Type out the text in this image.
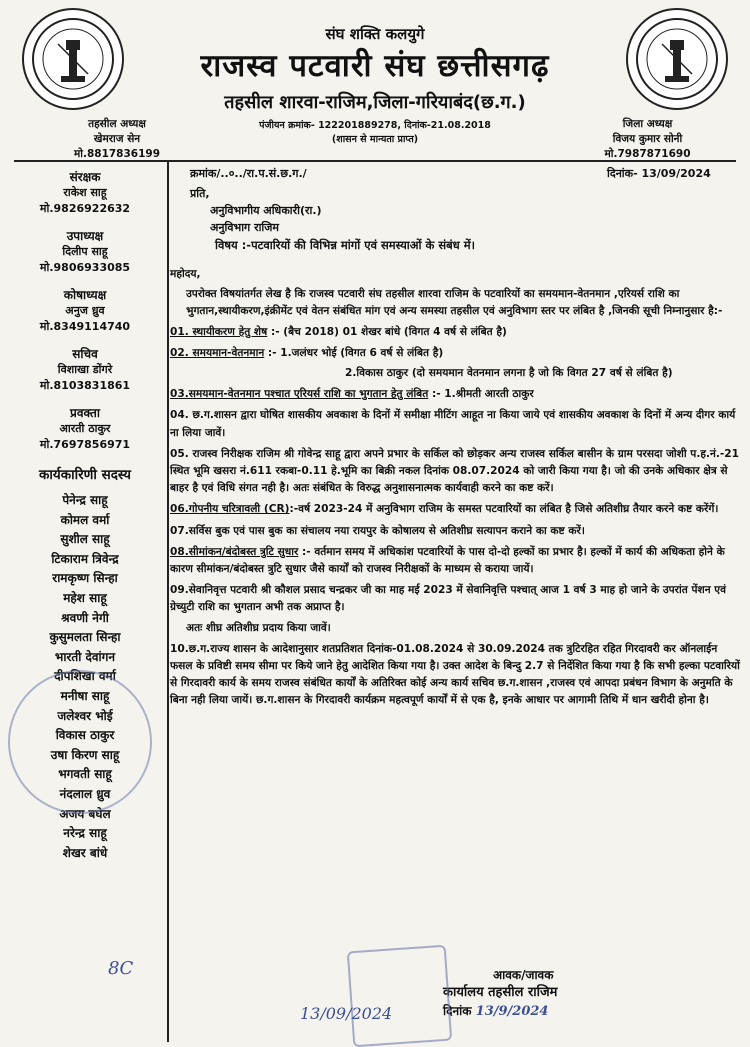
संघ शक्ति कलयुगे
राजस्व पटवारी संघ छत्तीसगढ़
तहसील शारवा-राजिम,जिला-गरियाबंद(छ.ग.)
तहसील अध्यक्ष
खेमराज सेन
मो.8817836199
पंजीयन क्रमांक- 122201889278, दिनांक-21.08.2018
(शासन से मान्यता प्राप्त)
जिला अध्यक्ष
विजय कुमार सोनी
मो.7987871690
संरक्षक
राकेश साहू
मो.9826922632
उपाध्यक्ष
दिलीप साहू
मो.9806933085
कोषाध्यक्ष
अनुज ध्रुव
मो.8349114740
सचिव
विशाखा डोंगरे
मो.8103831861
प्रवक्ता
आरती ठाकुर
मो.7697856971
कार्यकारिणी सदस्य
पेनेन्द्र साहू
कोमल वर्मा
सुशील साहू
टिकाराम त्रिवेन्द्र
रामकृष्ण सिन्हा
महेश साहू
श्रवणी नेगी
कुसुमलता सिन्हा
भारती देवांगन
दीपशिखा वर्मा
मनीषा साहू
जलेश्वर भोई
विकास ठाकुर
उषा किरण साहू
भगवती साहू
नंदलाल ध्रुव
अजय बघेल
नरेन्द्र साहू
शेखर बांधे
क्रमांक/..०../रा.प.सं.छ.ग./	दिनांक- 13/09/2024
प्रति,
अनुविभागीय अधिकारी(रा.)
अनुविभाग राजिम
विषय :-पटवारियों की विभिन्न मांगों एवं समस्याओं के संबंध में।

महोदय,

उपरोक्त विषयांतर्गत लेख है कि राजस्व पटवारी संघ तहसील शारवा राजिम के पटवारियों का समयमान-वेतनमान ,एरियर्स राशि का भुगतान,स्थायीकरण,इंक्रीमेंट एवं वेतन संबंधित मांग एवं अन्य समस्या तहसील एवं अनुविभाग स्तर पर लंबित है ,जिनकी सूची निम्नानुसार है:-

01. स्थायीकरण हेतु शेष :- (बैच 2018) 01 शेखर बांधे (विगत 4 वर्ष से लंबित है)

02. समयमान-वेतनमान :- 1.जलंधर भोई (विगत 6 वर्ष से लंबित है)

2.विकास ठाकुर (दो समयमान वेतनमान लगना है जो कि विगत 27 वर्ष से लंबित है)

03.समयमान-वेतनमान पश्चात एरियर्स राशि का भुगतान हेतु लंबित :- 1.श्रीमती आरती ठाकुर

04. छ.ग.शासन द्वारा घोषित शासकीय अवकाश के दिनों में समीक्षा मीटिंग आहूत ना किया जाये एवं शासकीय अवकाश के दिनों में अन्य दीगर कार्य ना लिया जावें।

05. राजस्व निरीक्षक राजिम श्री गोवेन्द्र साहू द्वारा अपने प्रभार के सर्किल को छोड़कर अन्य राजस्व सर्किल बासीन के ग्राम परसदा जोशी प.ह.नं.-21 स्थित भूमि खसरा नं.611 रकबा-0.11 हे.भूमि का बिक्री नकल दिनांक 08.07.2024 को जारी किया गया है। जो की उनके अधिकार क्षेत्र से बाहर है एवं विधि संगत नही है। अतः संबंधित के विरुद्ध अनुशासनात्मक कार्यवाही करने का कष्ट करें।

06.गोपनीय चरित्रावली (CR):-वर्ष 2023-24 में अनुविभाग राजिम के समस्त पटवारियों का लंबित है जिसे अतिशीघ्र तैयार करने कष्ट करेंगें।

07.सर्विस बुक एवं पास बुक का संचालय नया रायपुर के कोषालय से अतिशीघ्र सत्यापन कराने का कष्ट करें।

08.सीमांकन/बंदोबस्त त्रुटि सुधार :- वर्तमान समय में अधिकांश पटवारियों के पास दो-दो हल्कों का प्रभार है। हल्कों में कार्य की अधिकता होने के कारण सीमांकन/बंदोबस्त त्रुटि सुधार जैसे कार्यों को राजस्व निरीक्षकों के माध्यम से कराया जायें।

09.सेवानिवृत्त पटवारी श्री कौशल प्रसाद चन्द्रकर जी का माह मई 2023 में सेवानिवृत्ति पश्चात् आज 1 वर्ष 3 माह हो जाने के उपरांत पेंशन एवं ग्रेच्युटी राशि का भुगतान अभी तक अप्राप्त है।

अतः शीघ्र अतिशीघ्र प्रदाय किया जावें।

10.छ.ग.राज्य शासन के आदेशानुसार शतप्रतिशत दिनांक-01.08.2024 से 30.09.2024 तक त्रुटिरहित रहित गिरदावरी कर ऑनलाईन फसल के प्रविष्टी समय सीमा पर किये जाने हेतु आदेशित किया गया है। उक्त आदेश के बिन्दु 2.7 से निर्देशित किया गया है कि सभी हल्का पटवारियों से गिरदावरी कार्य के समय राजस्व संबंधित कार्यों के अतिरिक्त कोई अन्य कार्य सचिव छ.ग.शासन ,राजस्व एवं आपदा प्रबंधन विभाग के अनुमति के बिना नही लिया जायें। छ.ग.शासन के गिरदावरी कार्यक्रम महत्वपूर्ण कार्यों में से एक है, इनके आधार पर आगामी तिथि में धान खरीदी होना है।

आवक/जावक
कार्यालय तहसील राजिम
दिनांक 13/9/2024
13/09/2024
8C
